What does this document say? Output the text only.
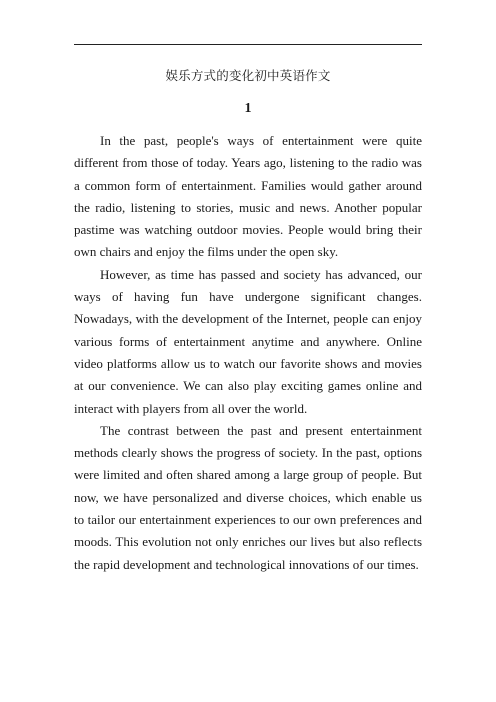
娱乐方式的变化初中英语作文
1

In the past, people's ways of entertainment were quite different from those of today. Years ago, listening to the radio was a common form of entertainment. Families would gather around the radio, listening to stories, music and news. Another popular pastime was watching outdoor movies. People would bring their own chairs and enjoy the films under the open sky.

However, as time has passed and society has advanced, our ways of having fun have undergone significant changes. Nowadays, with the development of the Internet, people can enjoy various forms of entertainment anytime and anywhere. Online video platforms allow us to watch our favorite shows and movies at our convenience. We can also play exciting games online and interact with players from all over the world.

The contrast between the past and present entertainment methods clearly shows the progress of society. In the past, options were limited and often shared among a large group of people. But now, we have personalized and diverse choices, which enable us to tailor our entertainment experiences to our own preferences and moods. This evolution not only enriches our lives but also reflects the rapid development and technological innovations of our times.
